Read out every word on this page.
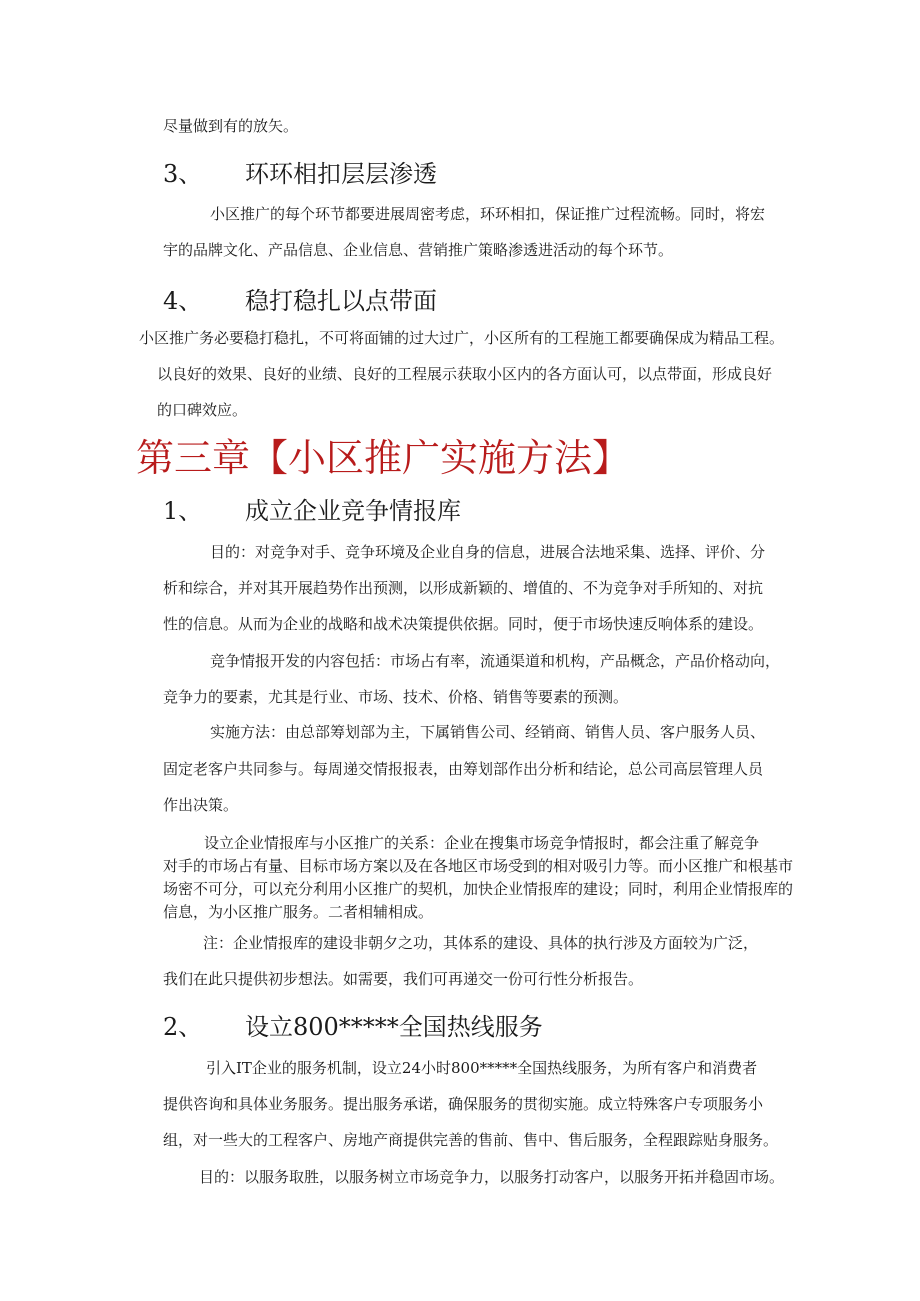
尽量做到有的放矢。
3、 环环相扣层层渗透
小区推广的每个环节都要进展周密考虑，环环相扣，保证推广过程流畅。同时，将宏
宇的品牌文化、产品信息、企业信息、营销推广策略渗透进活动的每个环节。
4、 稳打稳扎以点带面
小区推广务必要稳打稳扎，不可将面铺的过大过广，小区所有的工程施工都要确保成为精品工程。
以良好的效果、良好的业绩、良好的工程展示获取小区内的各方面认可，以点带面，形成良好
的口碑效应。
第三章【小区推广实施方法】
1、 成立企业竞争情报库
目的：对竞争对手、竞争环境及企业自身的信息，进展合法地采集、选择、评价、分
析和综合，并对其开展趋势作出预测，以形成新颖的、增值的、不为竞争对手所知的、对抗
性的信息。从而为企业的战略和战术决策提供依据。同时，便于市场快速反响体系的建设。
竞争情报开发的内容包括：市场占有率，流通渠道和机构，产品概念，产品价格动向，
竞争力的要素，尤其是行业、市场、技术、价格、销售等要素的预测。
实施方法：由总部筹划部为主，下属销售公司、经销商、销售人员、客户服务人员、
固定老客户共同参与。每周递交情报报表，由筹划部作出分析和结论，总公司高层管理人员
作出决策。
设立企业情报库与小区推广的关系：企业在搜集市场竞争情报时，都会注重了解竞争
对手的市场占有量、目标市场方案以及在各地区市场受到的相对吸引力等。而小区推广和根基市
场密不可分，可以充分利用小区推广的契机，加快企业情报库的建设；同时，利用企业情报库的
信息，为小区推广服务。二者相辅相成。
注：企业情报库的建设非朝夕之功，其体系的建设、具体的执行涉及方面较为广泛，
我们在此只提供初步想法。如需要，我们可再递交一份可行性分析报告。
2、 设立800*****全国热线服务
引入IT企业的服务机制，设立24小时800*****全国热线服务，为所有客户和消费者
提供咨询和具体业务服务。提出服务承诺，确保服务的贯彻实施。成立特殊客户专项服务小
组，对一些大的工程客户、房地产商提供完善的售前、售中、售后服务，全程跟踪贴身服务。
目的：以服务取胜，以服务树立市场竞争力，以服务打动客户，以服务开拓并稳固市场。
